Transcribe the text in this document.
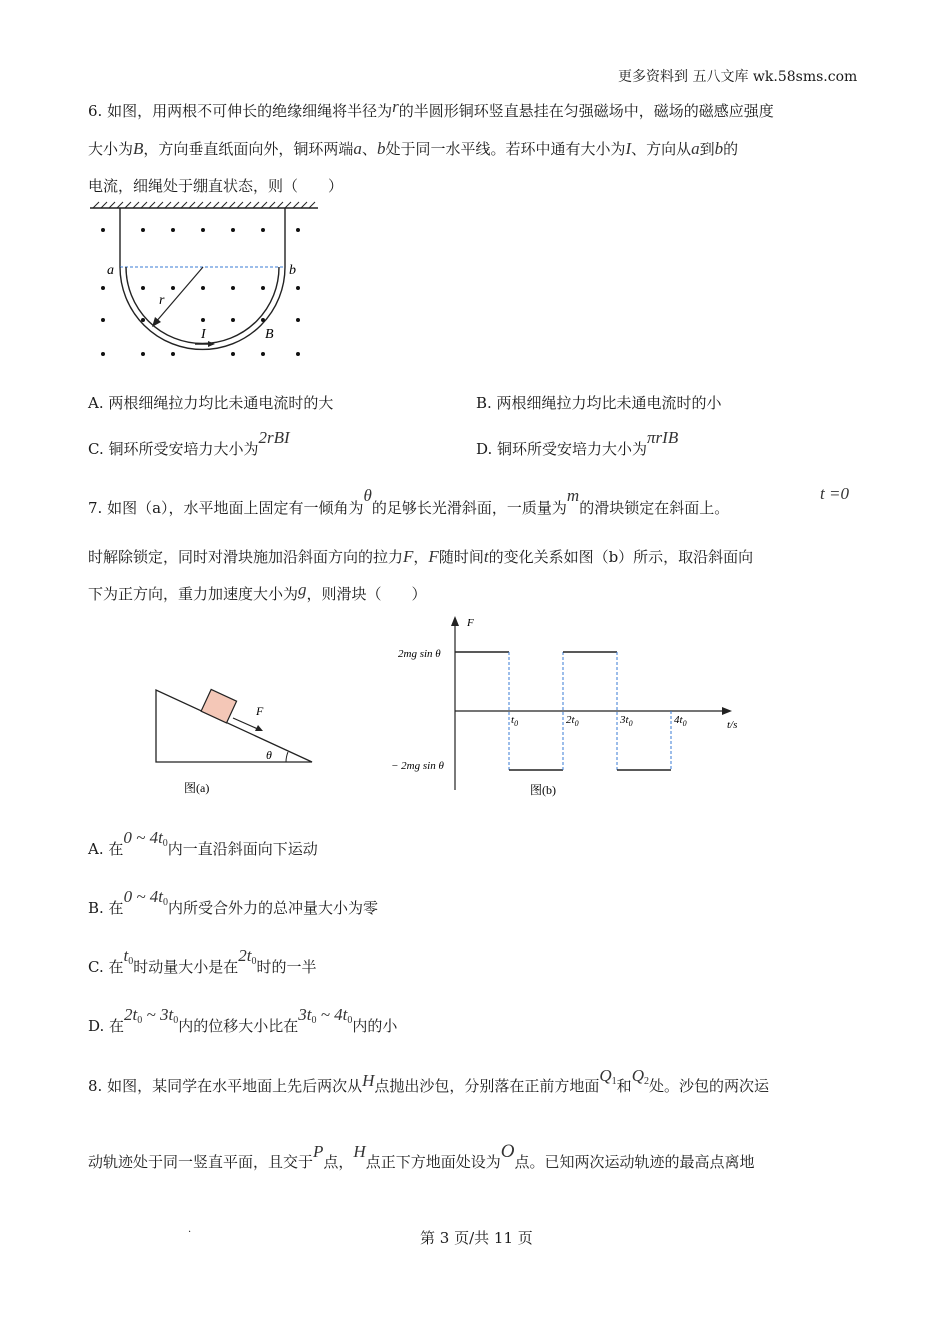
更多资料到 五八文库 wk.58sms.com
6. 如图，用两根不可伸长的绝缘细绳将半径为r的半圆形铜环竖直悬挂在匀强磁场中，磁场的磁感应强度
大小为B，方向垂直纸面向外，铜环两端a、b处于同一水平线。若环中通有大小为I、方向从a到b的
电流，细绳处于绷直状态，则（　　）
a	b
r
I	B
A. 两根细绳拉力均比未通电流时的大	B. 两根细绳拉力均比未通电流时的小
C. 铜环所受安培力大小为2rBI
D. 铜环所受安培力大小为πrIB
7. 如图（a），水平地面上固定有一倾角为θ的足够长光滑斜面，一质量为m的滑块锁定在斜面上。
t =0
时解除锁定，同时对滑块施加沿斜面方向的拉力F，F随时间t的变化关系如图（b）所示，取沿斜面向
下为正方向，重力加速度大小为g，则滑块（　　）
F
θ
图(a)
F
t/s
2mg sin θ
− 2mg sin θ
$t_0$	$2t_0$	$3t_0$	$4t_0$
图(b)
A. 在0 ~ $4t_0$内一直沿斜面向下运动
B. 在0 ~ $4t_0$内所受合外力的总冲量大小为零
C. 在$t_0$时动量大小是在$2t_0$时的一半
D. 在$2t_0$ ~ $3t_0$内的位移大小比在$3t_0$ ~ $4t_0$内的小
8. 如图，某同学在水平地面上先后两次从H点抛出沙包，分别落在正前方地面$Q_1$和$Q_2$处。沙包的两次运
动轨迹处于同一竖直平面，且交于P点，H点正下方地面处设为O点。已知两次运动轨迹的最高点离地
.	第 3 页/共 11 页
